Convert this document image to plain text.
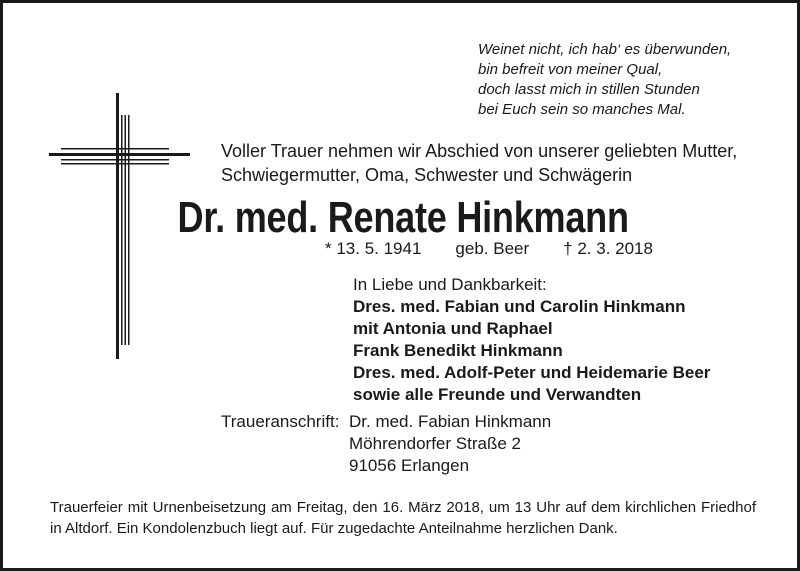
Weinet nicht, ich hab‘ es überwunden,
bin befreit von meiner Qual,
doch lasst mich in stillen Stunden
bei Euch sein so manches Mal.
Voller Trauer nehmen wir Abschied von unserer geliebten Mutter,
Schwiegermutter, Oma, Schwester und Schwägerin
Dr. med. Renate Hinkmann
* 13. 5. 1941 geb. Beer † 2. 3. 2018
In Liebe und Dankbarkeit:
Dres. med. Fabian und Carolin Hinkmann
mit Antonia und Raphael
Frank Benedikt Hinkmann
Dres. med. Adolf-Peter und Heidemarie Beer
sowie alle Freunde und Verwandten
Traueranschrift: Dr. med. Fabian Hinkmann
Möhrendorfer Straße 2
91056 Erlangen
Trauerfeier mit Urnenbeisetzung am Freitag, den 16. März 2018, um 13 Uhr auf dem kirchlichen Friedhof in Altdorf. Ein Kondolenzbuch liegt auf. Für zugedachte Anteilnahme herzlichen Dank.
